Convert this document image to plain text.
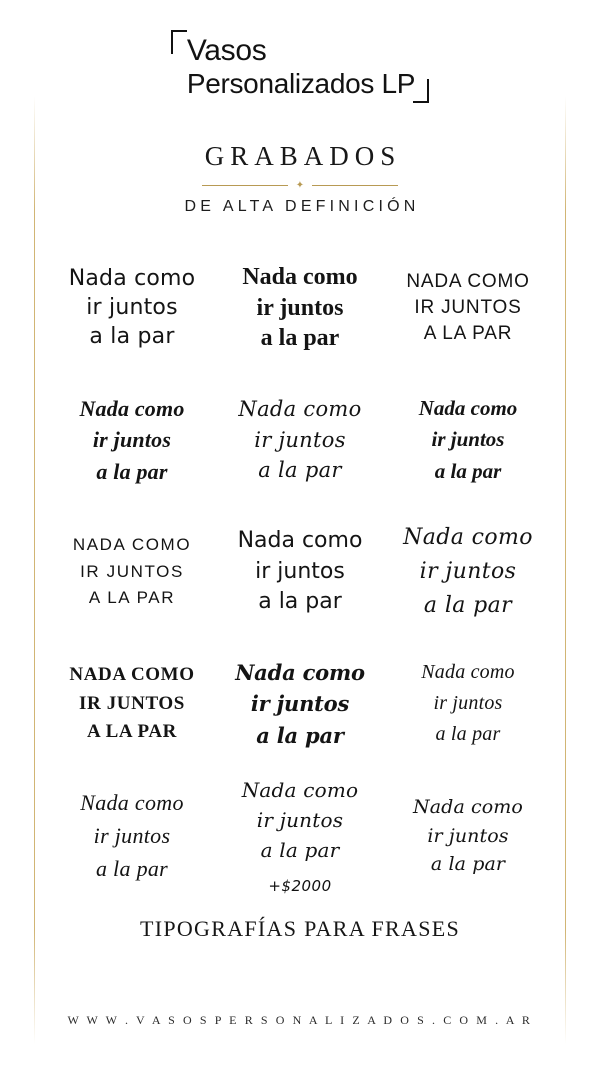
Vasos
Personalizados LP
GRABADOS
✦
DE ALTA DEFINICIÓN
Nada como
ir juntos
a la par
Nada como
ir juntos
a la par
NADA COMO
IR JUNTOS
A LA PAR
Nada como
ir juntos
a la par
Nada como
ir juntos
a la par
Nada como
ir juntos
a la par
NADA COMO
IR JUNTOS
A LA PAR
Nada como
ir juntos
a la par
Nada como
ir juntos
a la par
NADA COMO
IR JUNTOS
A LA PAR
Nada como
ir juntos
a la par
Nada como
ir juntos
a la par
Nada como
ir juntos
a la par
Nada como
ir juntos
a la par
+$2000
Nada como
ir juntos
a la par
TIPOGRAFÍAS PARA FRASES
W W W . V A S O S P E R S O N A L I Z A D O S . C O M . A R
